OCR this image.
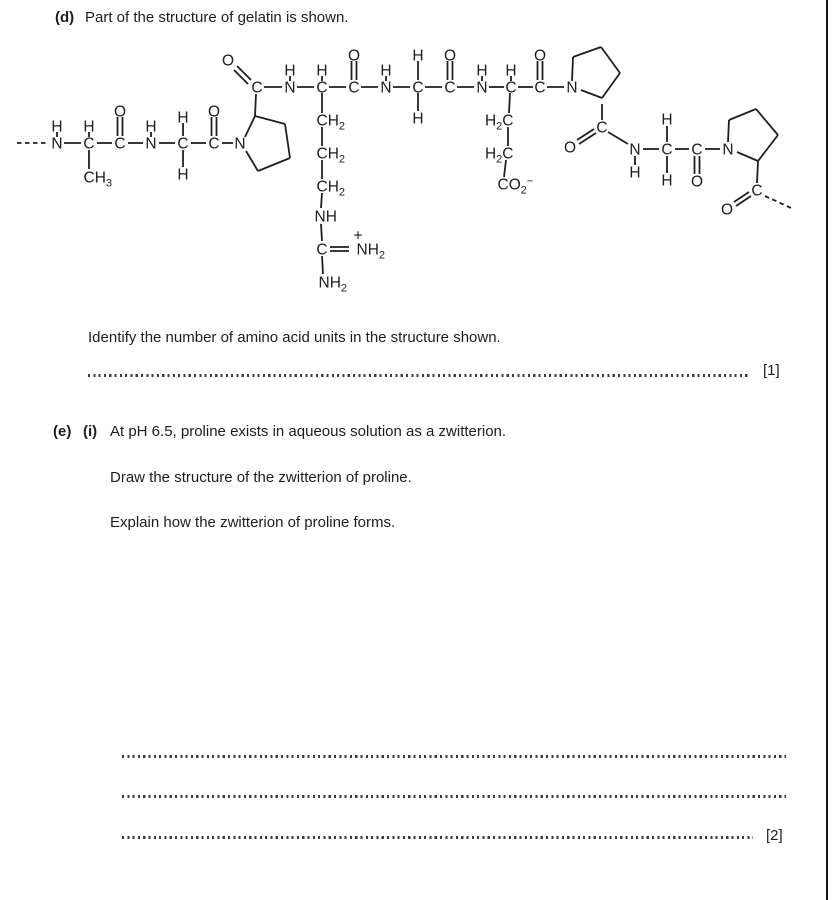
(d) Part of the structure of gelatin is shown.
N
H
C
H
$CH_3$
C
O
N
H
C
H
H
C
O
N
C
O
N
H
C
H
C
O
N
H
C
H
H
C
O
N
H
C
H
C
O
N
$CH_2$
$CH_2$
$CH_2$
NH
C $NH_2$
+
$NH_2$
$H_2C$
$H_2C$
$CO_2^-$
C
O	N
H
C
H
H
C
O
N
C
O
Identify the number of amino acid units in the structure shown.
[1]
(e) (i) At pH 6.5, proline exists in aqueous solution as a zwitterion.
Draw the structure of the zwitterion of proline.
Explain how the zwitterion of proline forms.
[2]
